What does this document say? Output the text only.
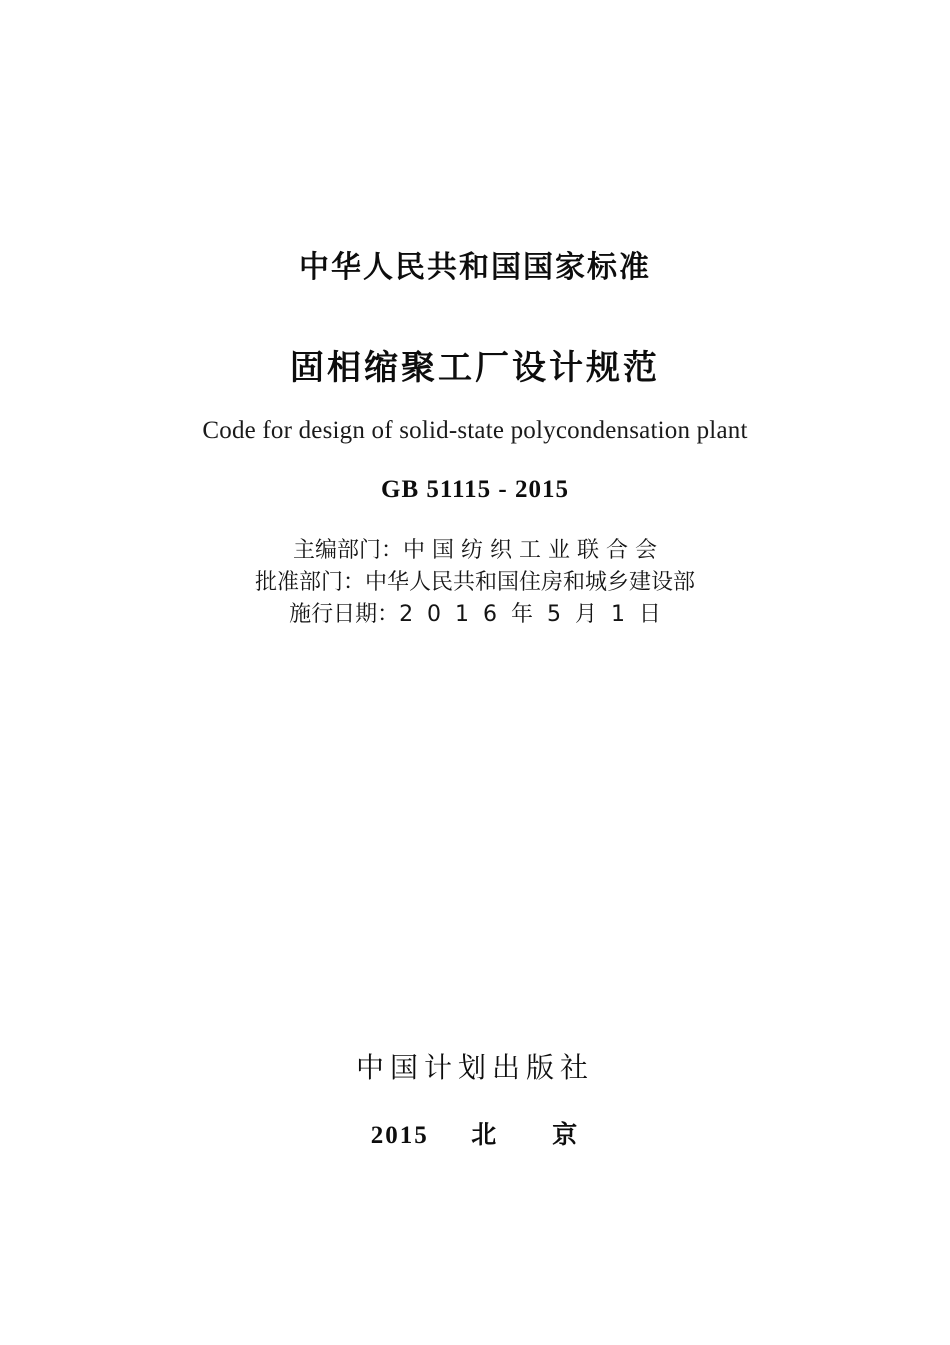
中华人民共和国国家标准
固相缩聚工厂设计规范
Code for design of solid-state polycondensation plant
GB 51115 - 2015
主编部门：中 国 纺 织 工 业 联 合 会
批准部门：中华人民共和国住房和城乡建设部
施行日期：2  0  1  6  年  5  月  1  日
中国计划出版社
2015 北　　京
